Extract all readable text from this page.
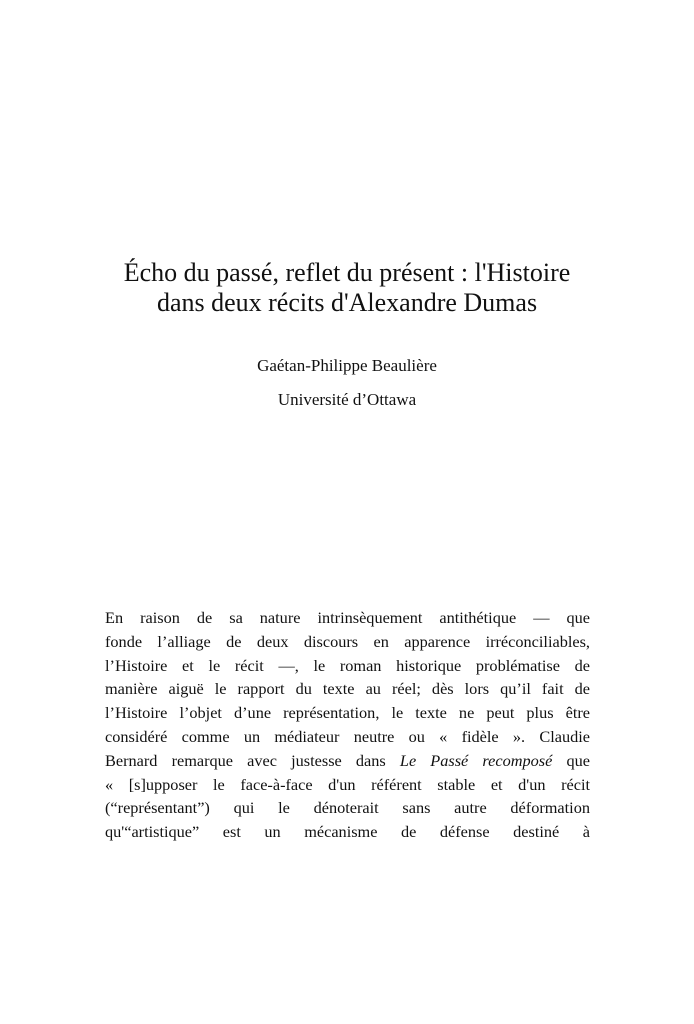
Écho du passé, reflet du présent : l'Histoire
dans deux récits d'Alexandre Dumas
Gaétan-Philippe Beaulière
Université d’Ottawa
En raison de sa nature intrinsèquement antithétique — que
fonde l’alliage de deux discours en apparence irréconciliables,
l’Histoire et le récit —, le roman historique problématise de
manière aiguë le rapport du texte au réel; dès lors qu’il fait de
l’Histoire l’objet d’une représentation, le texte ne peut plus être
considéré comme un médiateur neutre ou « fidèle ». Claudie
Bernard remarque avec justesse dans Le Passé recomposé que
« [s]upposer le face-à-face d'un référent stable et d'un récit
(“représentant”) qui le dénoterait sans autre déformation
qu'“artistique” est un mécanisme de défense destiné à
